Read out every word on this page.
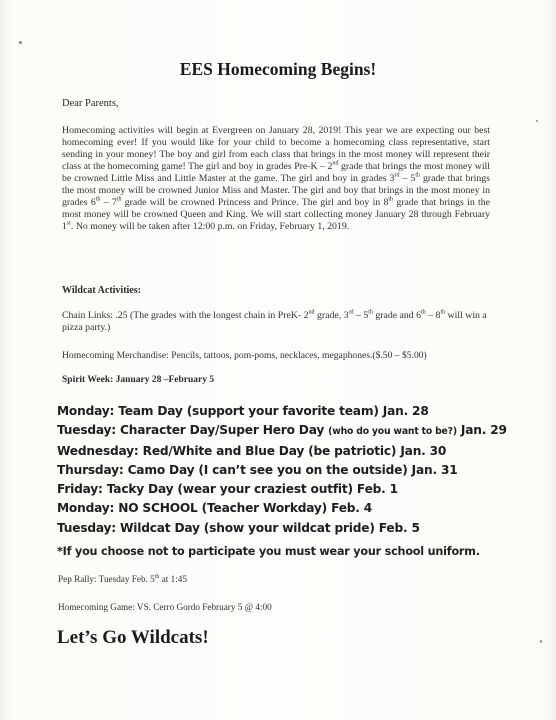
EES Homecoming Begins!
Dear Parents,
Homecoming activities will begin at Evergreen on January 28, 2019! This year we are expecting our best homecoming ever! If you would like for your child to become a homecoming class representative, start sending in your money! The boy and girl from each class that brings in the most money will represent their class at the homecoming game! The girl and boy in grades Pre-K – 2nd grade that brings the most money will be crowned Little Miss and Little Master at the game. The girl and boy in grades 3rd – 5th grade that brings the most money will be crowned Junior Miss and Master. The girl and boy that brings in the most money in grades 6th – 7th grade will be crowned Princess and Prince. The girl and boy in 8th grade that brings in the most money will be crowned Queen and King. We will start collecting money January 28 through February 1st. No money will be taken after 12:00 p.m. on Friday, February 1, 2019.
Wildcat Activities:
Chain Links: .25 (The grades with the longest chain in PreK- 2nd grade, 3rd – 5th grade and 6th – 8th will win a pizza party.)
Homecoming Merchandise: Pencils, tattoos, pom-poms, necklaces, megaphones.($.50 – $5.00)
Spirit Week: January 28 –February 5
Monday: Team Day (support your favorite team) Jan. 28
Tuesday: Character Day/Super Hero Day (who do you want to be?) Jan. 29
Wednesday: Red/White and Blue Day (be patriotic) Jan. 30
Thursday: Camo Day (I can’t see you on the outside) Jan. 31
Friday: Tacky Day (wear your craziest outfit) Feb. 1
Monday: NO SCHOOL (Teacher Workday) Feb. 4
Tuesday: Wildcat Day (show your wildcat pride) Feb. 5
*If you choose not to participate you must wear your school uniform.
Pep Rally: Tuesday Feb. 5th at 1:45
Homecoming Game: VS. Cerro Gordo February 5 @ 4:00
Let’s Go Wildcats!
